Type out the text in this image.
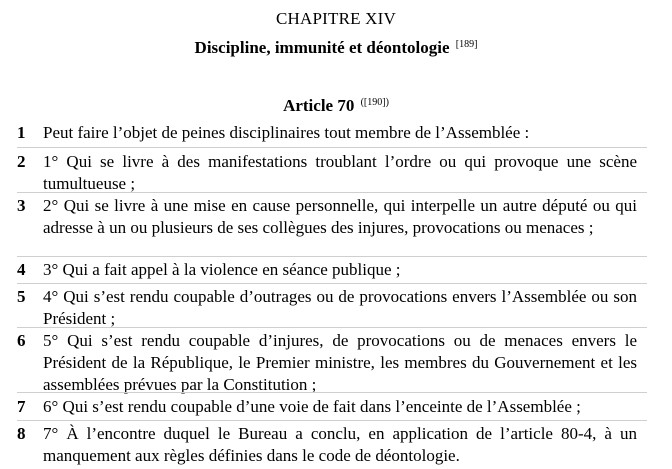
CHAPITRE XIV
Discipline, immunité et déontologie [189]
Article 70 $^{([190])}$
1	Peut faire l’objet de peines disciplinaires tout membre de l’Assemblée :
2	1° Qui se livre à des manifestations troublant l’ordre ou qui provoque une scène tumultueuse ;
3	2° Qui se livre à une mise en cause personnelle, qui interpelle un autre député ou qui adresse à un ou plusieurs de ses collègues des injures, provocations ou menaces ;
4	3° Qui a fait appel à la violence en séance publique ;
5	4° Qui s’est rendu coupable d’outrages ou de provocations envers l’Assemblée ou son Président ;
6	5° Qui s’est rendu coupable d’injures, de provocations ou de menaces envers le Président de la République, le Premier ministre, les membres du Gouvernement et les assemblées prévues par la Constitution ;
7	6° Qui s’est rendu coupable d’une voie de fait dans l’enceinte de l’Assemblée ;
8	7° À l’encontre duquel le Bureau a conclu, en application de l’article 80‑4, à un manquement aux règles définies dans le code de déontologie.
